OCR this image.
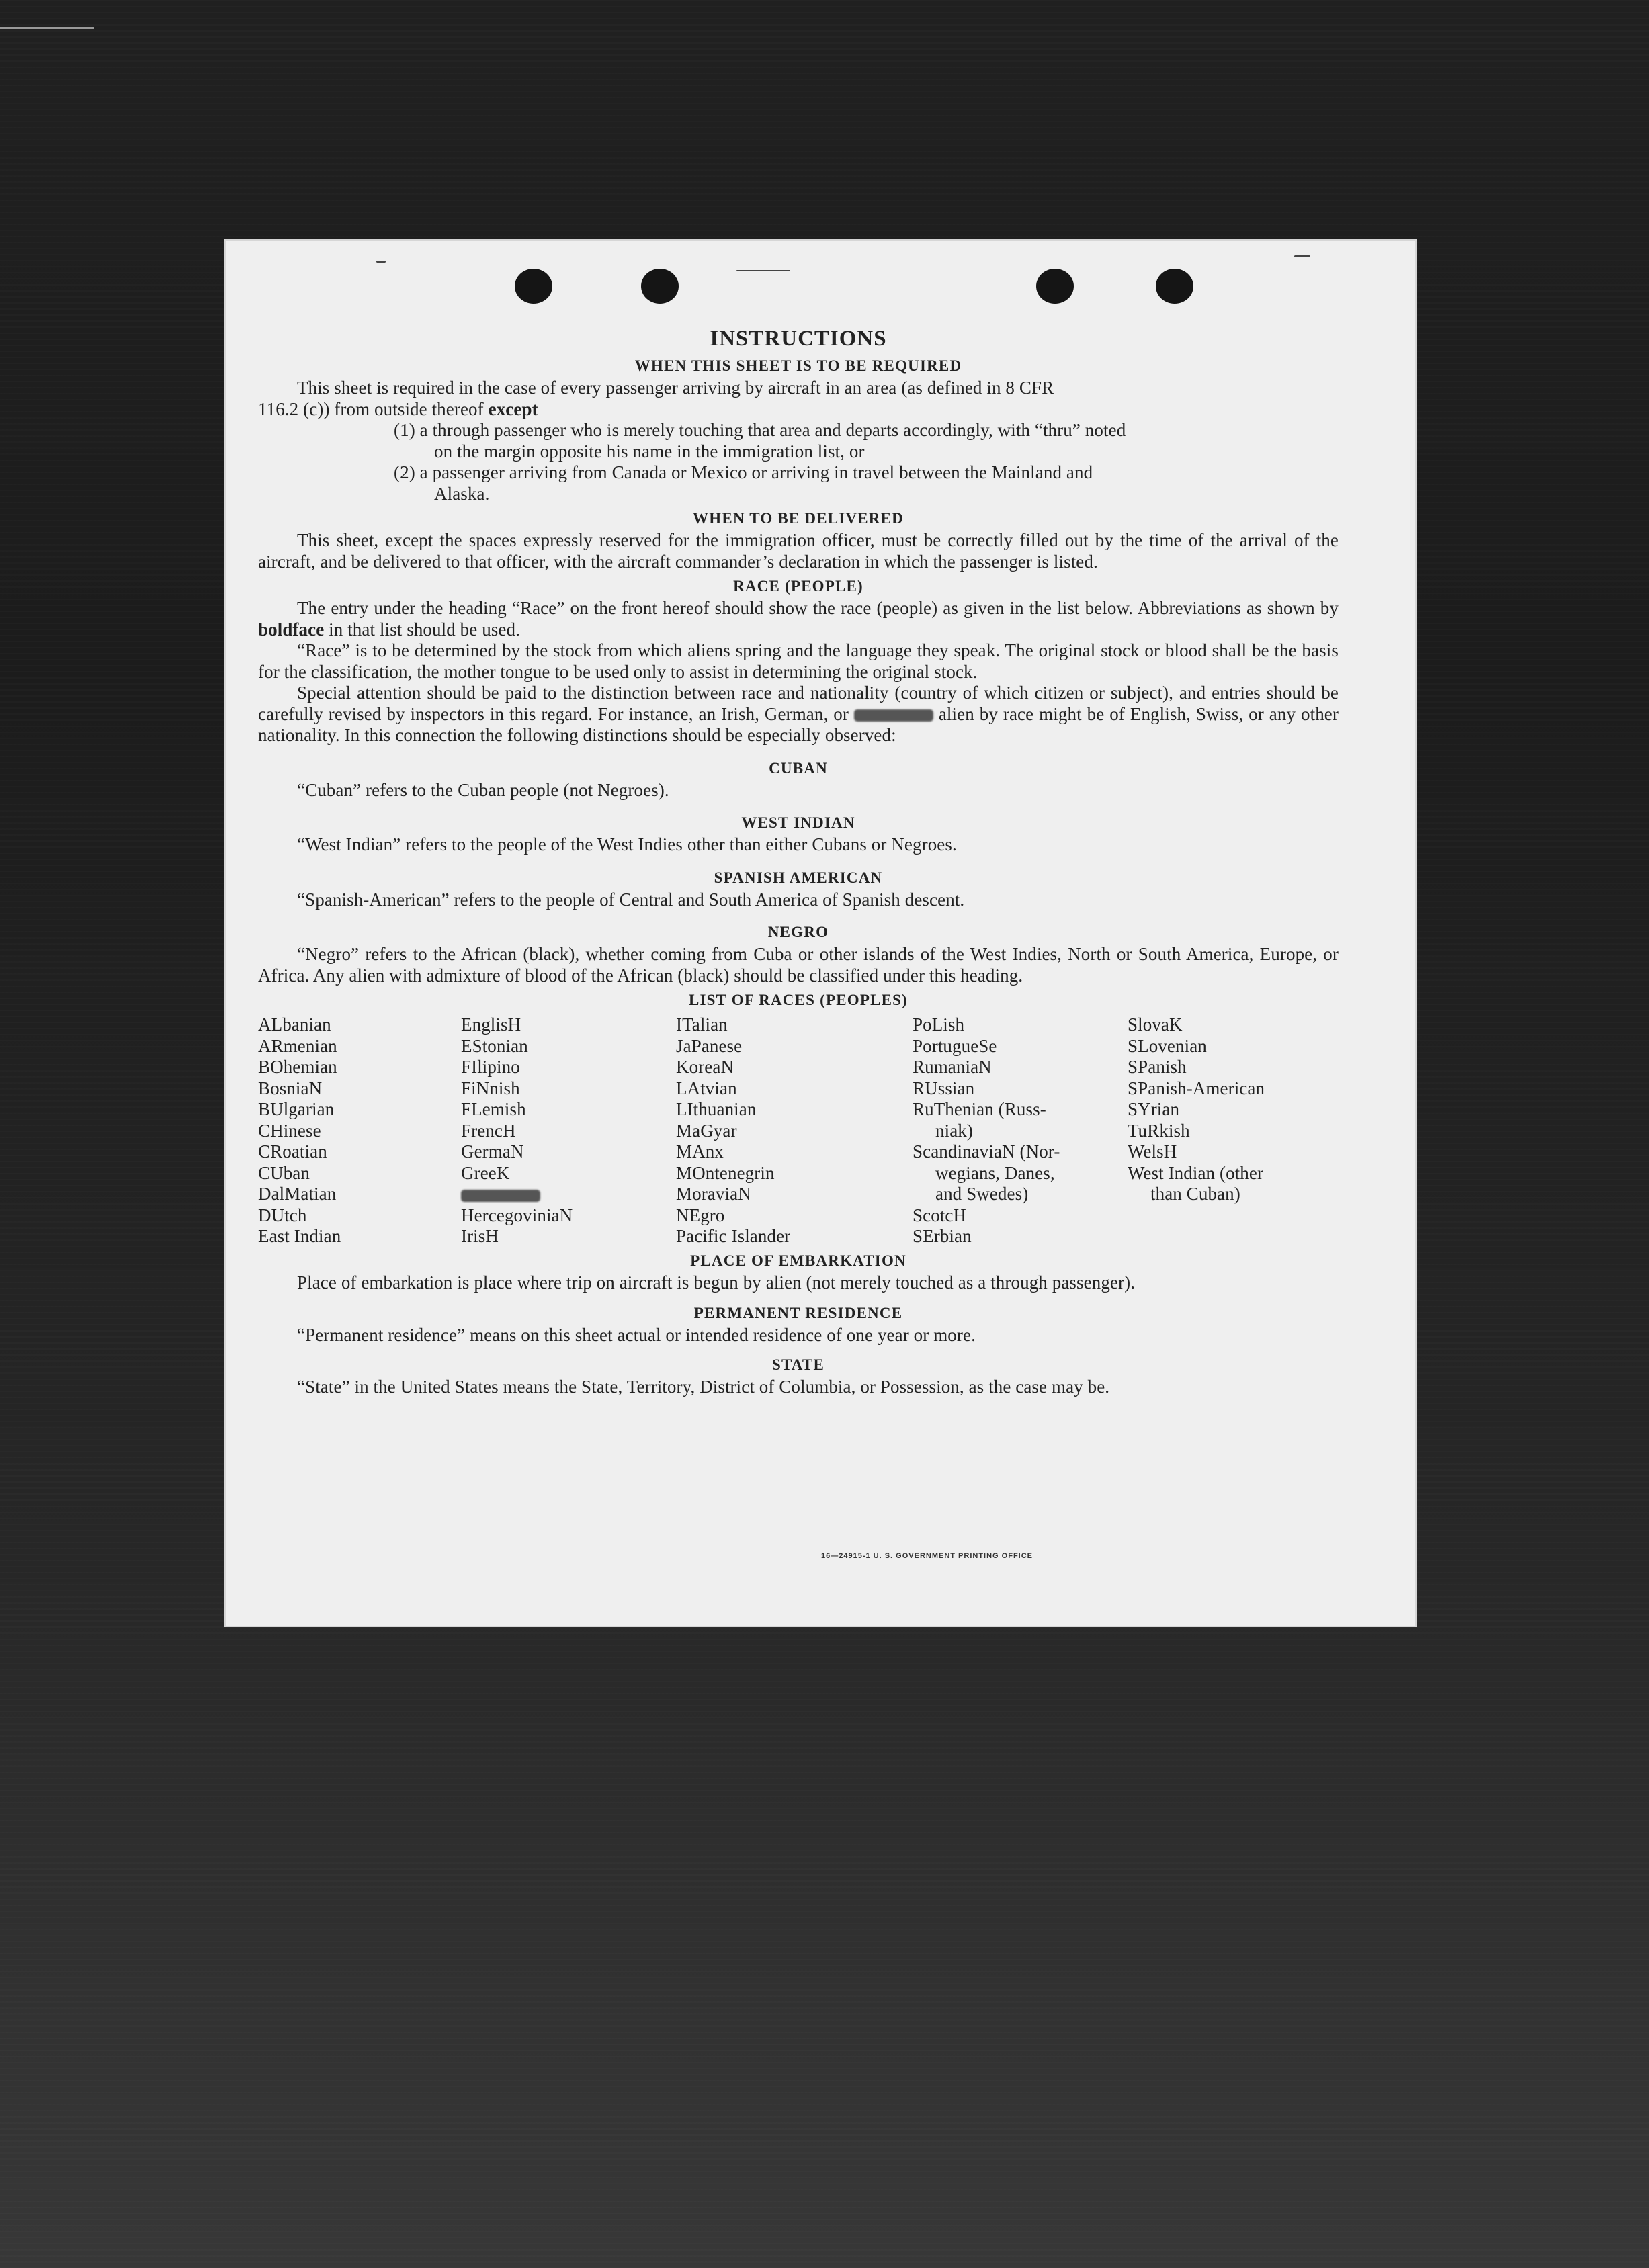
INSTRUCTIONS
WHEN THIS SHEET IS TO BE REQUIRED

This sheet is required in the case of every passenger arriving by aircraft in an area (as defined in 8 CFR

116.2 (c)) from outside thereof except

(1) a through passenger who is merely touching that area and departs accordingly, with “thru” noted
on the margin opposite his name in the immigration list, or

(2) a passenger arriving from Canada or Mexico or arriving in travel between the Mainland and
Alaska.

WHEN TO BE DELIVERED

This sheet, except the spaces expressly reserved for the immigration officer, must be correctly filled out by the time of the arrival of the aircraft, and be delivered to that officer, with the aircraft commander’s declaration in which the passenger is listed.

RACE (PEOPLE)

The entry under the heading “Race” on the front hereof should show the race (people) as given in the list below. Abbreviations as shown by boldface in that list should be used.

“Race” is to be determined by the stock from which aliens spring and the language they speak. The original stock or blood shall be the basis for the classification, the mother tongue to be used only to assist in determining the original stock.

Special attention should be paid to the distinction between race and nationality (country of which citizen or subject), and entries should be carefully revised by inspectors in this regard. For instance, an Irish, German, or	alien by race might be of English, Swiss, or any other nationality. In this connection the following distinctions should be especially observed:

CUBAN

“Cuban” refers to the Cuban people (not Negroes).

WEST INDIAN

“West Indian” refers to the people of the West Indies other than either Cubans or Negroes.

SPANISH AMERICAN

“Spanish-American” refers to the people of Central and South America of Spanish descent.

NEGRO

“Negro” refers to the African (black), whether coming from Cuba or other islands of the West Indies, North or South America, Europe, or Africa. Any alien with admixture of blood of the African (black) should be classified under this heading.

LIST OF RACES (PEOPLES)
ALbanian
ARmenian
BOhemian
BosniaN
BUlgarian
CHinese
CRoatian
CUban
DalMatian
DUtch
East Indian
EnglisH
EStonian
FIlipino
FiNnish
FLemish
FrencH
GermaN
GreeK
HercegoviniaN
IrisH
ITalian
JaPanese
KoreaN
LAtvian
LIthuanian
MaGyar
MAnx
MOntenegrin
MoraviaN
NEgro
Pacific Islander
PoLish
PortugueSe
RumaniaN
RUssian
RuThenian (Russ-
niak)
ScandinaviaN (Nor-
wegians, Danes,
and Swedes)
ScotcH
SErbian
SlovaK
SLovenian
SPanish
SPanish-American
SYrian
TuRkish
WelsH
West Indian (other
than Cuban)
PLACE OF EMBARKATION

Place of embarkation is place where trip on aircraft is begun by alien (not merely touched as a through passenger).

PERMANENT RESIDENCE

“Permanent residence” means on this sheet actual or intended residence of one year or more.

STATE

“State” in the United States means the State, Territory, District of Columbia, or Possession, as the case may be.

16—24915-1 U. S. GOVERNMENT PRINTING OFFICE
